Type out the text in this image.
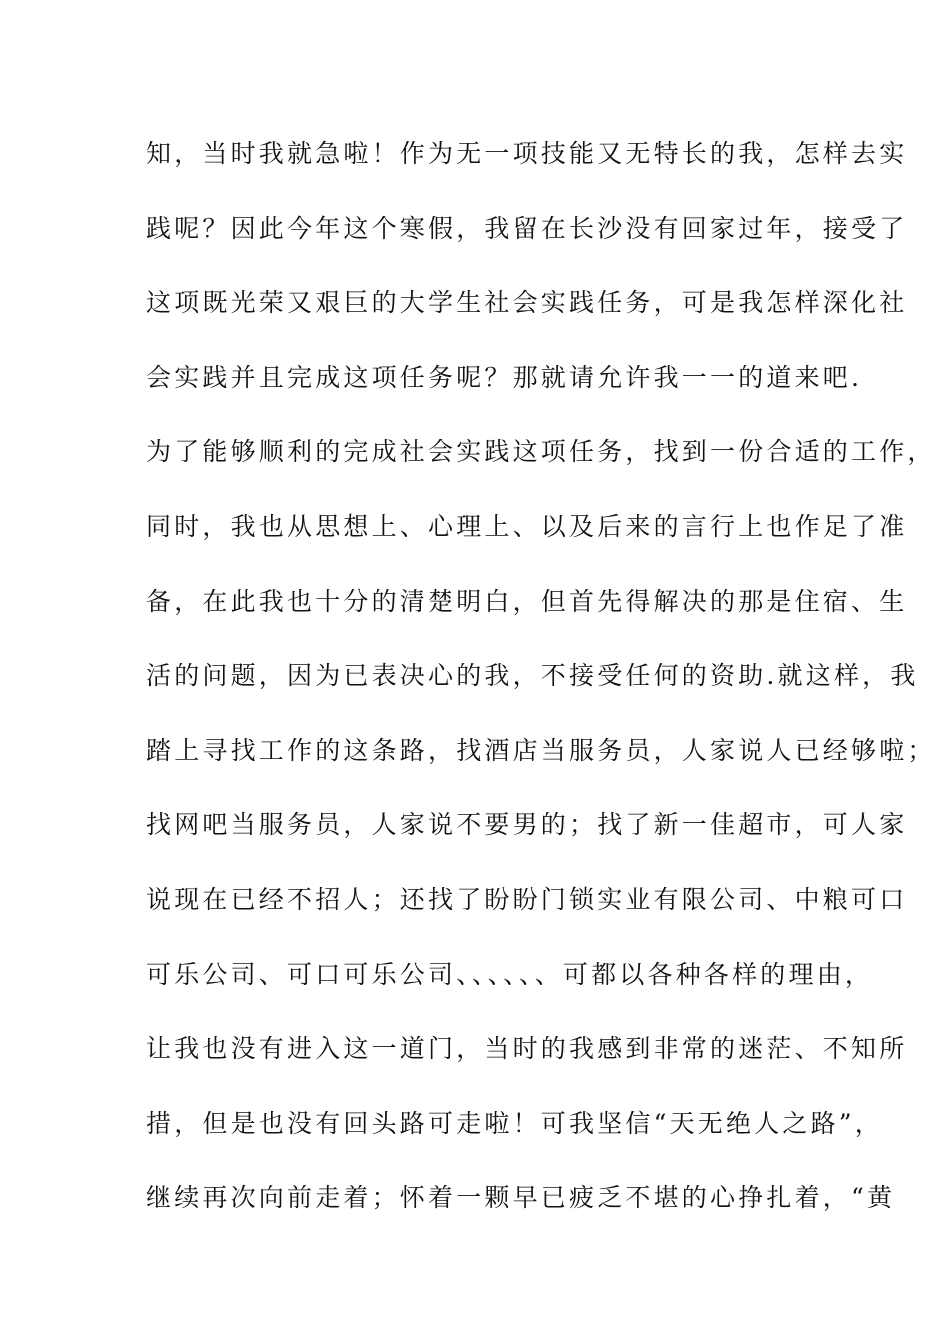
知，当时我就急啦！作为无一项技能又无特长的我，怎样去实
践呢？因此今年这个寒假，我留在长沙没有回家过年，接受了
这项既光荣又艰巨的大学生社会实践任务，可是我怎样深化社
会实践并且完成这项任务呢？那就请允许我一一的道来吧.
为了能够顺利的完成社会实践这项任务，找到一份合适的工作，
同时，我也从思想上、心理上、以及后来的言行上也作足了准
备，在此我也十分的清楚明白，但首先得解决的那是住宿、生
活的问题，因为已表决心的我，不接受任何的资助.就这样，我
踏上寻找工作的这条路，找酒店当服务员，人家说人已经够啦；
找网吧当服务员，人家说不要男的；找了新一佳超市，可人家
说现在已经不招人；还找了盼盼门锁实业有限公司、中粮可口
可乐公司、可口可乐公司、、、、、、可都以各种各样的理由，
让我也没有进入这一道门，当时的我感到非常的迷茫、不知所
措，但是也没有回头路可走啦！可我坚信“天无绝人之路”，
继续再次向前走着；怀着一颗早已疲乏不堪的心挣扎着，“黄
